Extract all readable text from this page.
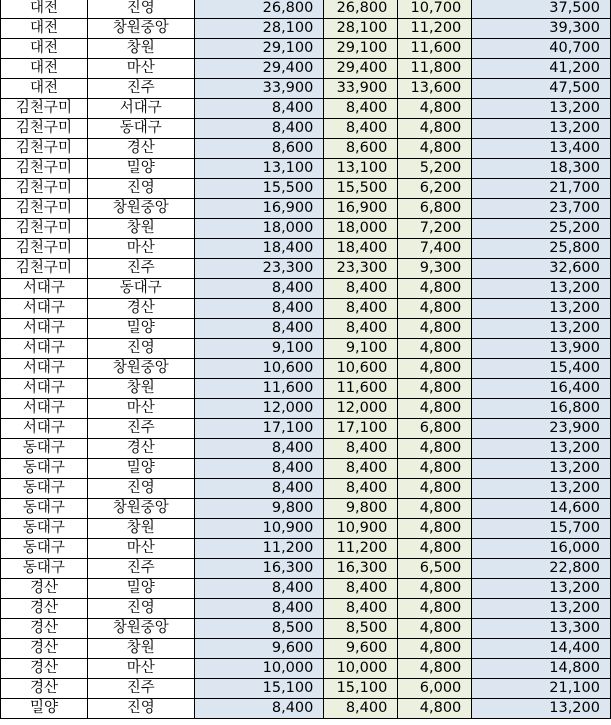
대전	진영	26,800	26,800	10,700	37,500
대전	창원중앙	28,100	28,100	11,200	39,300
대전	창원	29,100	29,100	11,600	40,700
대전	마산	29,400	29,400	11,800	41,200
대전	진주	33,900	33,900	13,600	47,500
김천구미	서대구	8,400	8,400	4,800	13,200
김천구미	동대구	8,400	8,400	4,800	13,200
김천구미	경산	8,600	8,600	4,800	13,400
김천구미	밀양	13,100	13,100	5,200	18,300
김천구미	진영	15,500	15,500	6,200	21,700
김천구미	창원중앙	16,900	16,900	6,800	23,700
김천구미	창원	18,000	18,000	7,200	25,200
김천구미	마산	18,400	18,400	7,400	25,800
김천구미	진주	23,300	23,300	9,300	32,600
서대구	동대구	8,400	8,400	4,800	13,200
서대구	경산	8,400	8,400	4,800	13,200
서대구	밀양	8,400	8,400	4,800	13,200
서대구	진영	9,100	9,100	4,800	13,900
서대구	창원중앙	10,600	10,600	4,800	15,400
서대구	창원	11,600	11,600	4,800	16,400
서대구	마산	12,000	12,000	4,800	16,800
서대구	진주	17,100	17,100	6,800	23,900
동대구	경산	8,400	8,400	4,800	13,200
동대구	밀양	8,400	8,400	4,800	13,200
동대구	진영	8,400	8,400	4,800	13,200
동대구	창원중앙	9,800	9,800	4,800	14,600
동대구	창원	10,900	10,900	4,800	15,700
동대구	마산	11,200	11,200	4,800	16,000
동대구	진주	16,300	16,300	6,500	22,800
경산	밀양	8,400	8,400	4,800	13,200
경산	진영	8,400	8,400	4,800	13,200
경산	창원중앙	8,500	8,500	4,800	13,300
경산	창원	9,600	9,600	4,800	14,400
경산	마산	10,000	10,000	4,800	14,800
경산	진주	15,100	15,100	6,000	21,100
밀양	진영	8,400	8,400	4,800	13,200
